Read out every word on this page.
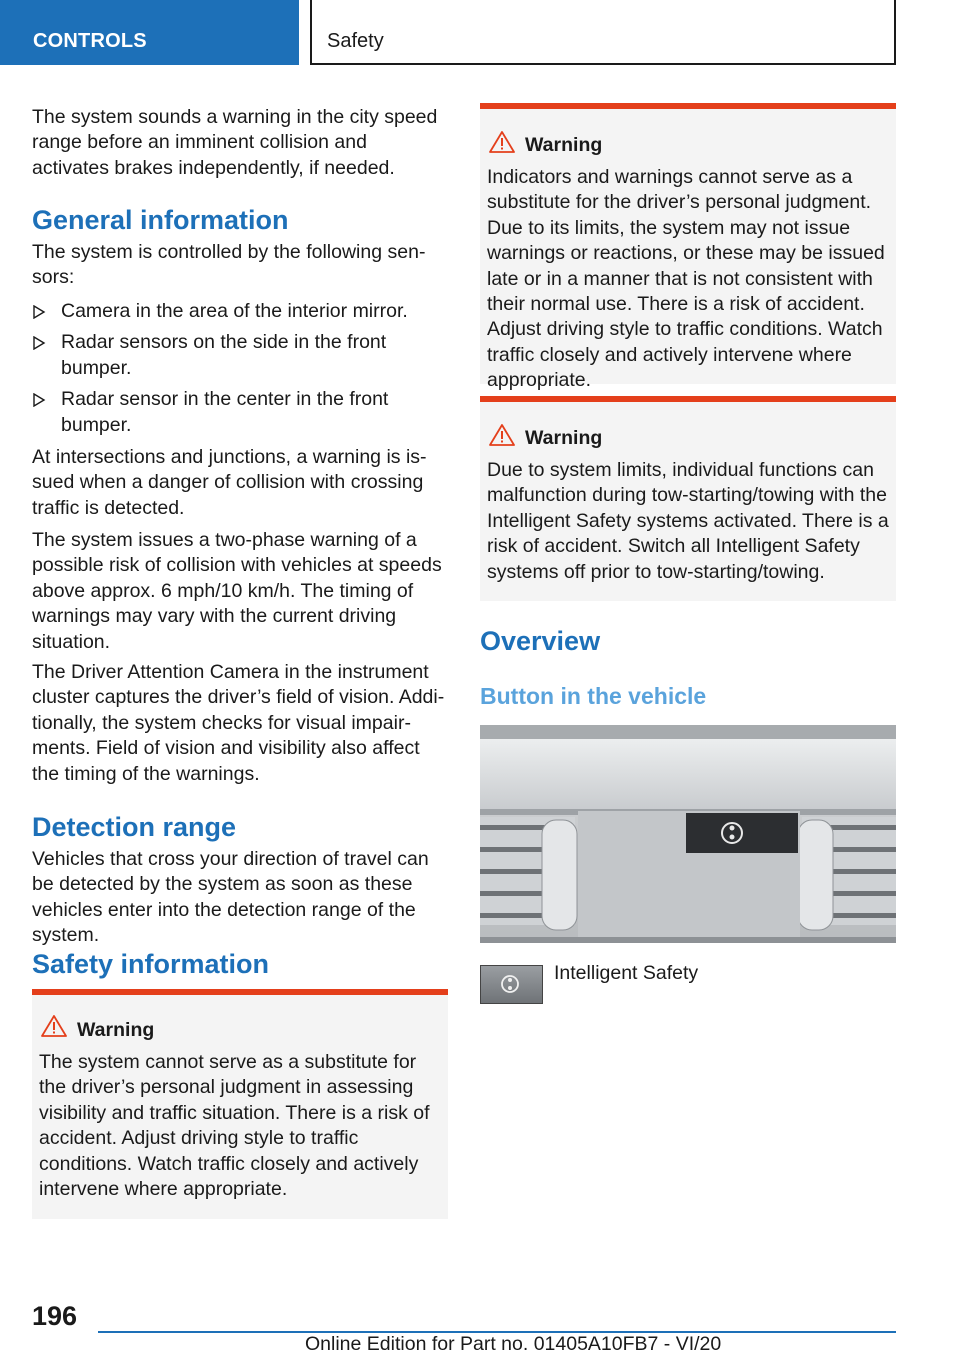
CONTROLS	Safety

The system sounds a warning in the city speed range before an imminent collision and activates brakes independently, if needed.

General information

The system is controlled by the following sensors:

Camera in the area of the interior mirror.
Radar sensors on the side in the front bumper.
Radar sensor in the center in the front bumper.

At intersections and junctions, a warning is issued when a danger of collision with crossing traffic is detected.

The system issues a two-phase warning of a possible risk of collision with vehicles at speeds above approx. 6 mph/10 km/h. The timing of warnings may vary with the current driving situation.

The Driver Attention Camera in the instrument cluster captures the driver’s field of vision. Additionally, the system checks for visual impairments. Field of vision and visibility also affect the timing of the warnings.

Detection range

Vehicles that cross your direction of travel can be detected by the system as soon as these vehicles enter into the detection range of the system.

Safety information
Warning
The system cannot serve as a substitute for the driver’s personal judgment in assessing visibility and traffic situation. There is a risk of accident. Adjust driving style to traffic conditions. Watch traffic closely and actively intervene where appropriate.
Warning
Indicators and warnings cannot serve as a substitute for the driver’s personal judgment. Due to its limits, the system may not issue warnings or reactions, or these may be issued late or in a manner that is not consistent with their normal use. There is a risk of accident. Adjust driving style to traffic conditions. Watch traffic closely and actively intervene where appropriate.
Warning
Due to system limits, individual functions can malfunction during tow-starting/towing with the Intelligent Safety systems activated. There is a risk of accident. Switch all Intelligent Safety systems off prior to tow-starting/towing.
Overview
Button in the vehicle
Intelligent Safety
196
Online Edition for Part no. 01405A10FB7 - VI/20
